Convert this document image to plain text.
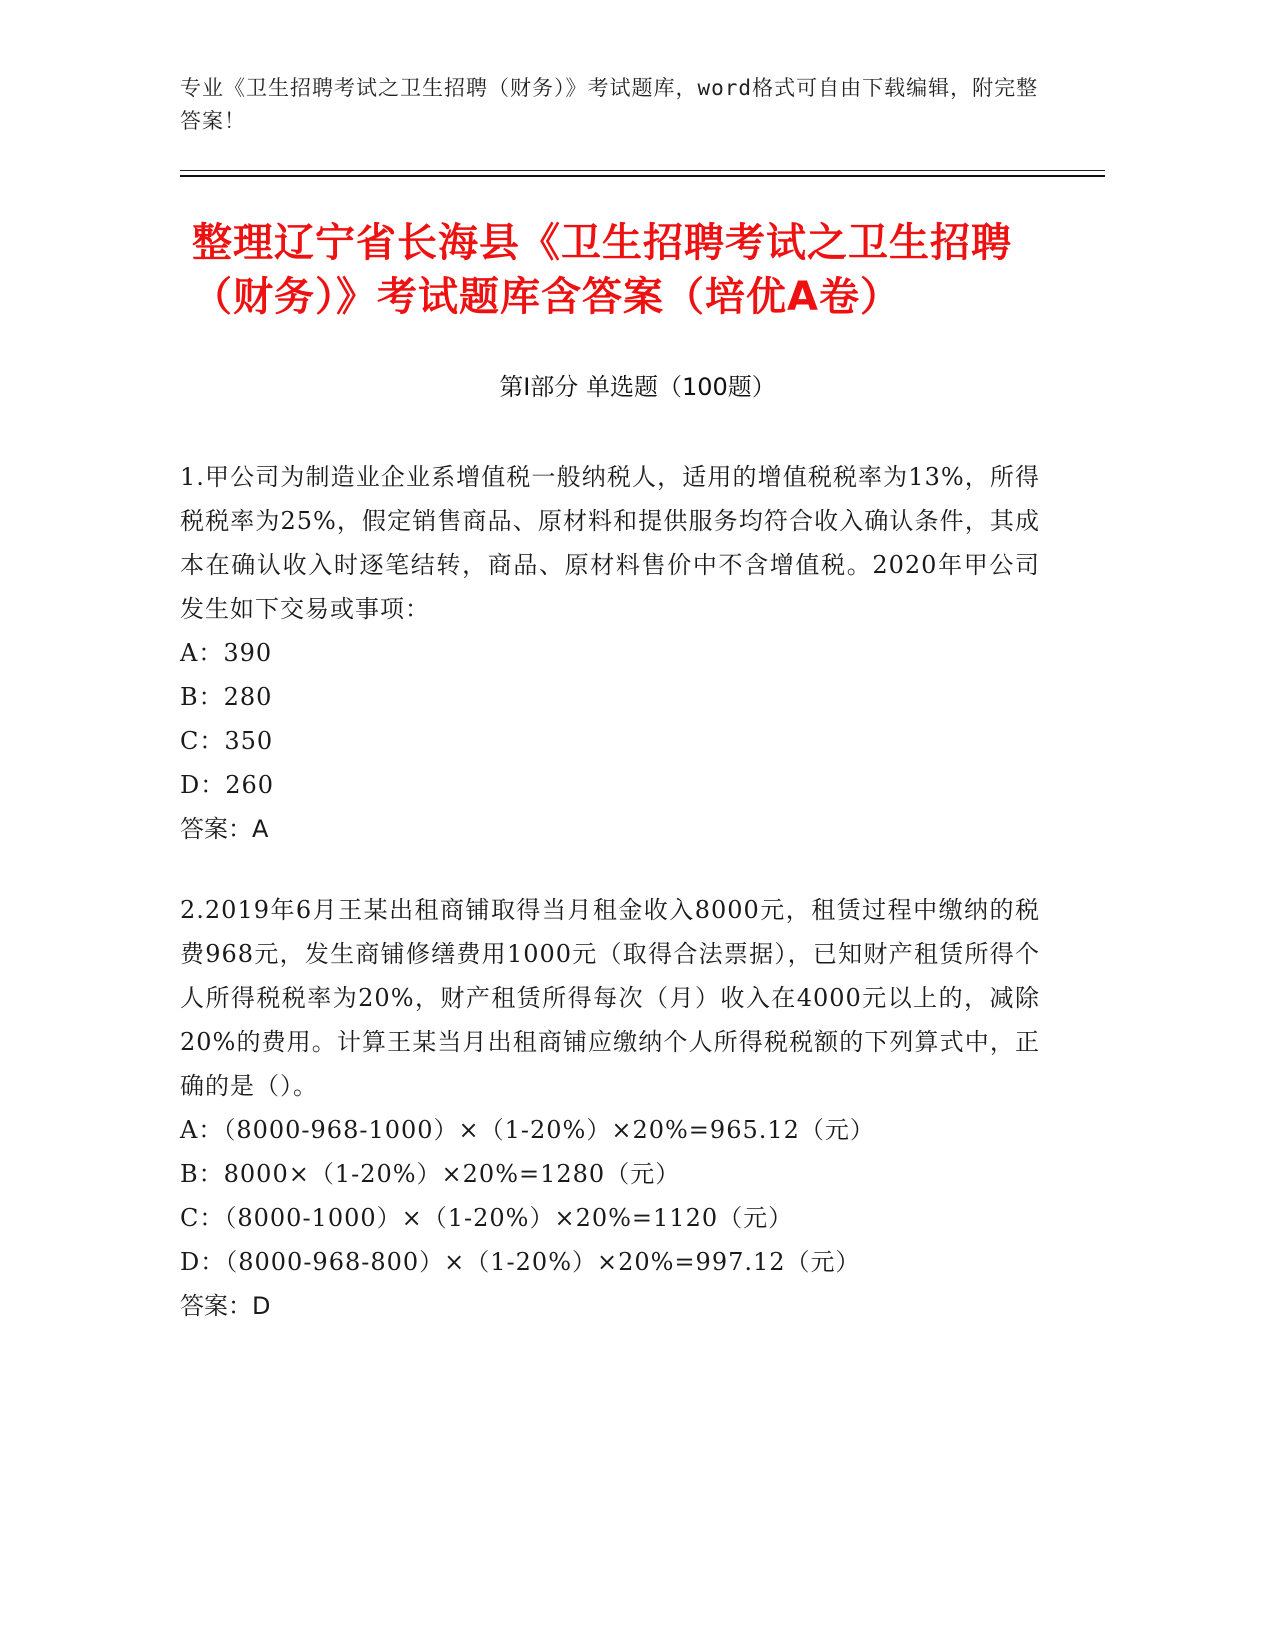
专业《卫生招聘考试之卫生招聘（财务）》考试题库，word格式可自由下载编辑，附完整答案！
整理辽宁省长海县《卫生招聘考试之卫生招聘（财务）》考试题库含答案（培优A卷）
第Ⅰ部分 单选题（100题）

1.甲公司为制造业企业系增值税一般纳税人，适用的增值税税率为13%，所得税税率为25%，假定销售商品、原材料和提供服务均符合收入确认条件，其成本在确认收入时逐笔结转，商品、原材料售价中不含增值税。2020年甲公司发生如下交易或事项：

A：390

B：280

C：350

D：260

答案：A

2.2019年6月王某出租商铺取得当月租金收入8000元，租赁过程中缴纳的税费968元，发生商铺修缮费用1000元（取得合法票据），已知财产租赁所得个人所得税税率为20%，财产租赁所得每次（月）收入在4000元以上的，减除20%的费用。计算王某当月出租商铺应缴纳个人所得税税额的下列算式中，正确的是（）。

A：（8000-968-1000）×（1-20%）×20%=965.12（元）

B：8000×（1-20%）×20%=1280（元）

C：（8000-1000）×（1-20%）×20%=1120（元）

D：（8000-968-800）×（1-20%）×20%=997.12（元）

答案：D
